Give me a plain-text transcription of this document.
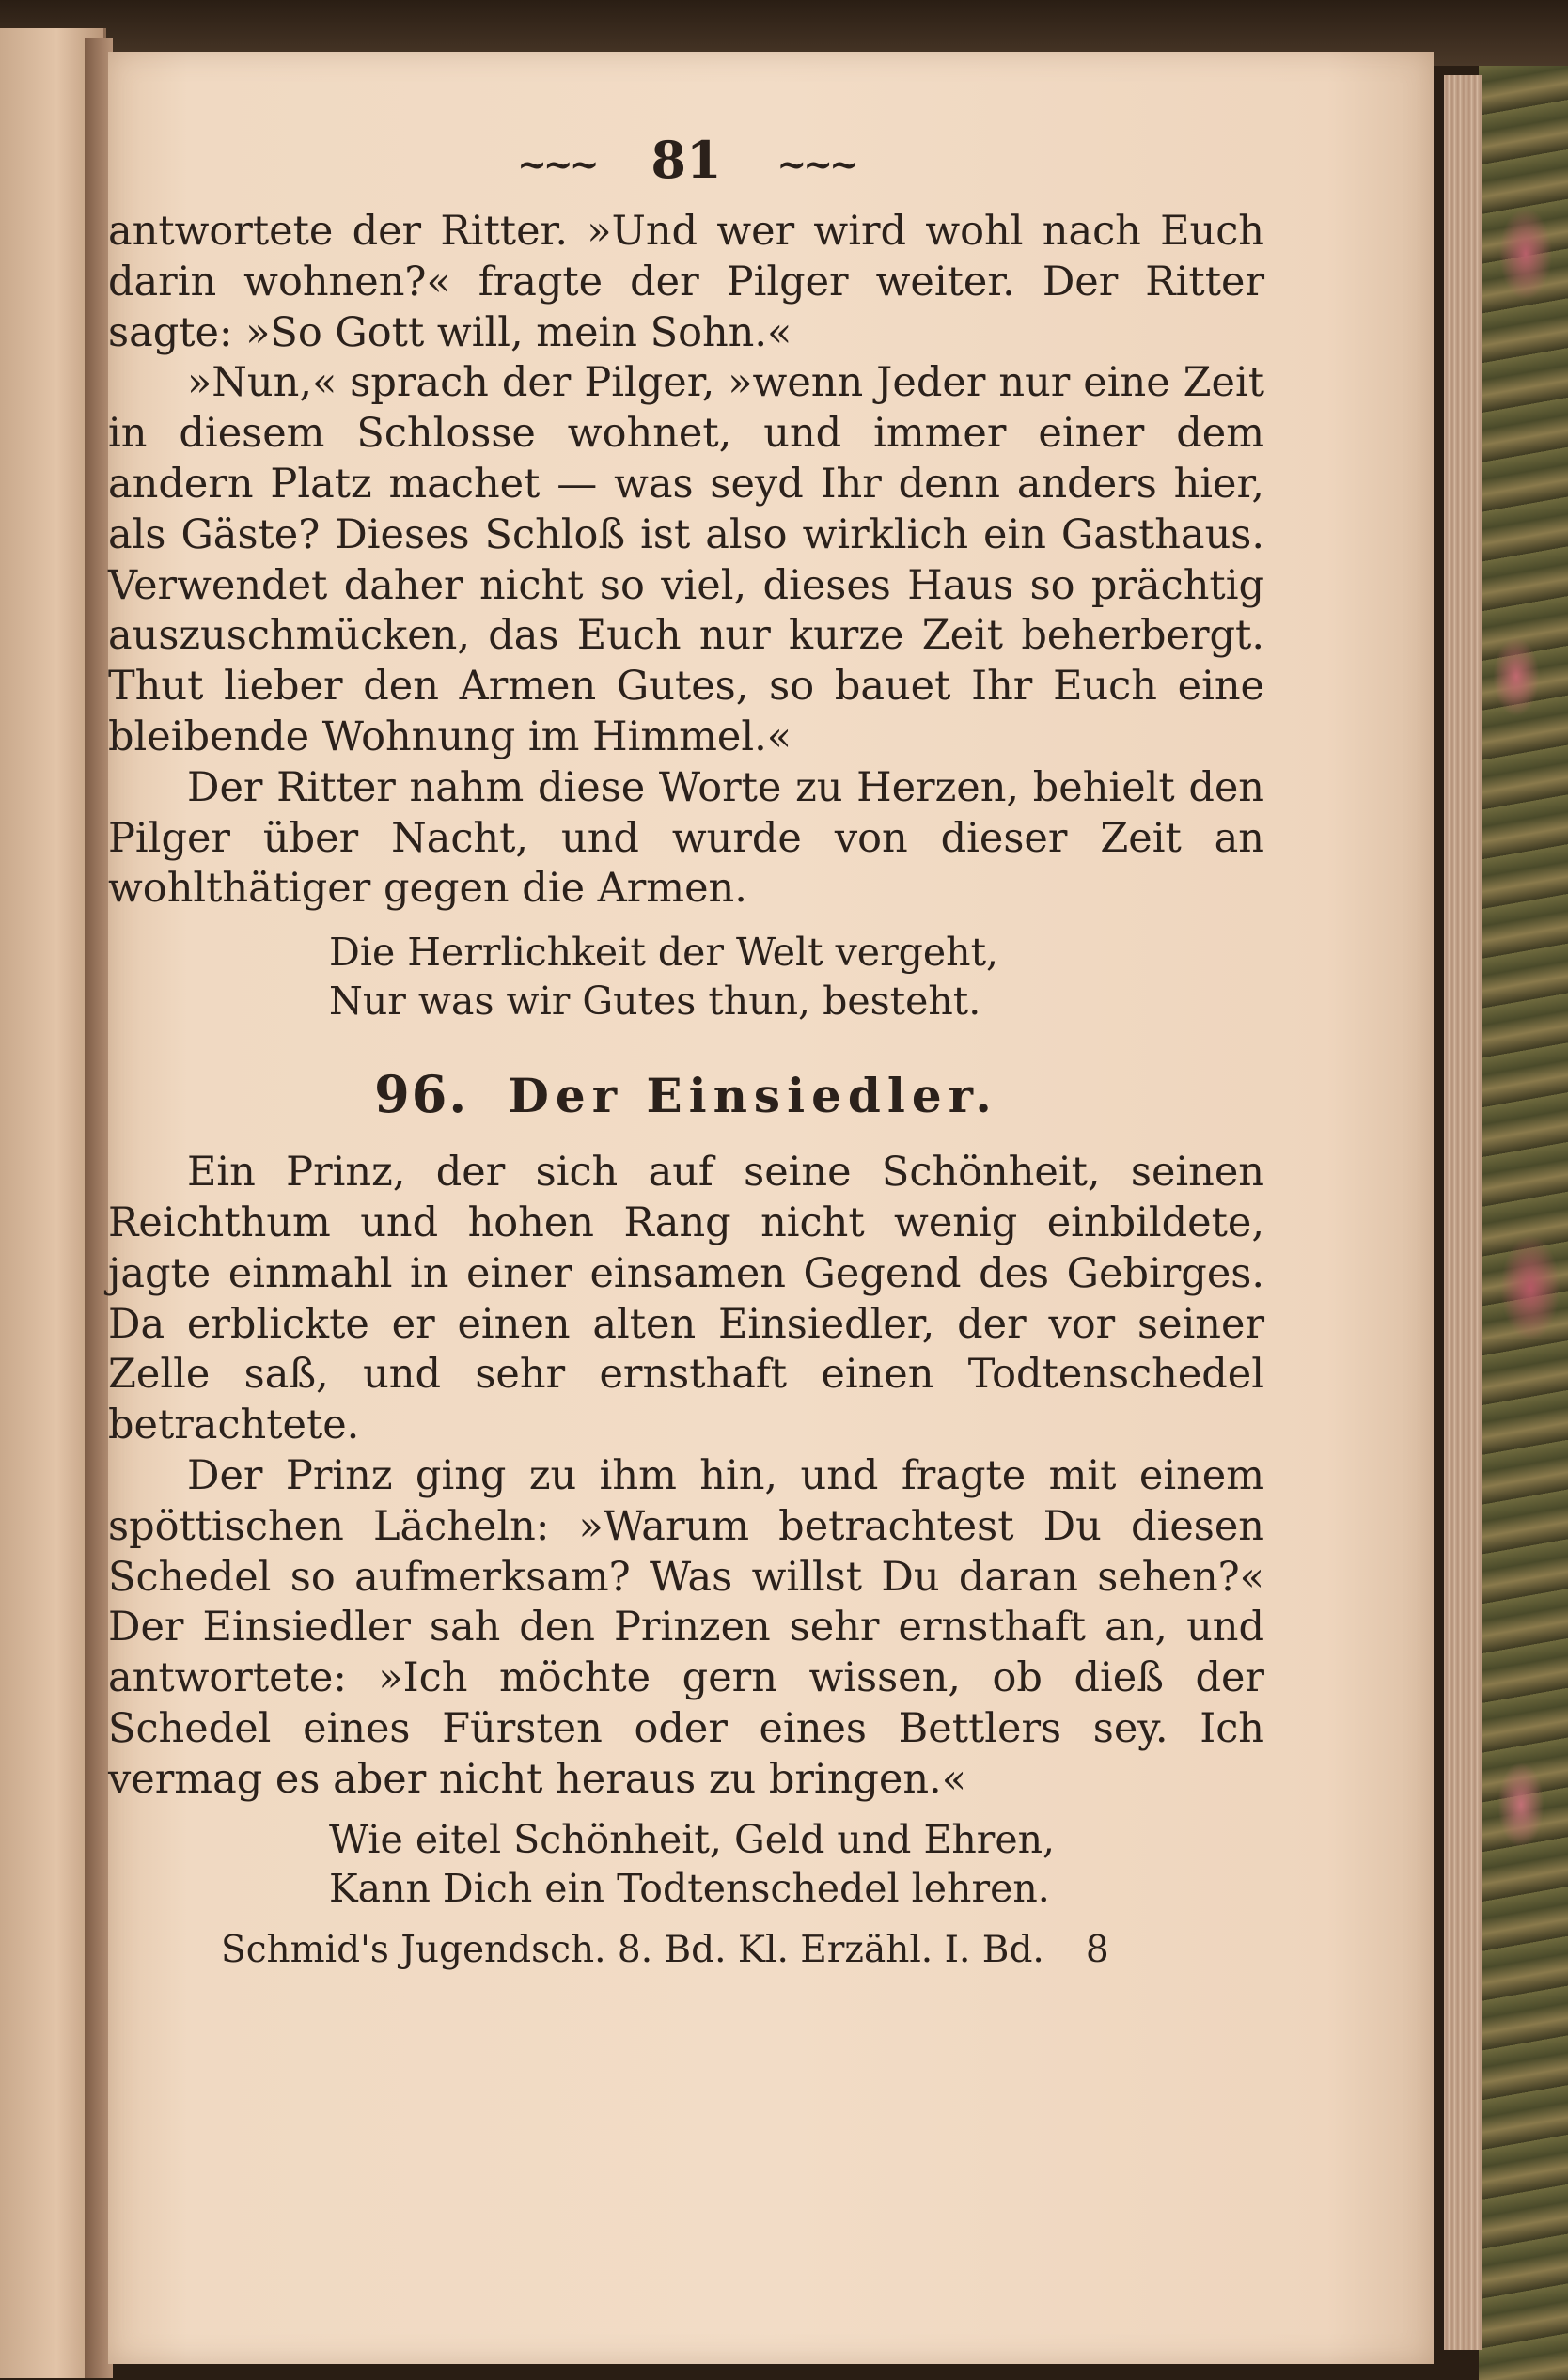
~~~ 81 ~~~

antwortete der Ritter. »Und wer wird wohl nach Euch darin wohnen?« fragte der Pilger weiter. Der Ritter sagte: »So Gott will, mein Sohn.«

»Nun,« sprach der Pilger, »wenn Jeder nur eine Zeit in diesem Schlosse wohnet, und immer einer dem andern Platz machet — was seyd Ihr denn anders hier, als Gäste? Dieses Schloß ist also wirklich ein Gasthaus. Verwendet daher nicht so viel, dieses Haus so prächtig auszuschmücken, das Euch nur kurze Zeit beherbergt. Thut lieber den Armen Gutes, so bauet Ihr Euch eine bleibende Wohnung im Himmel.«

Der Ritter nahm diese Worte zu Herzen, behielt den Pilger über Nacht, und wurde von dieser Zeit an wohlthätiger gegen die Armen.

Die Herrlichkeit der Welt vergeht,
Nur was wir Gutes thun, besteht.
96. Der Einsiedler.

Ein Prinz, der sich auf seine Schönheit, seinen Reichthum und hohen Rang nicht wenig einbildete, jagte einmahl in einer einsamen Gegend des Gebirges. Da erblickte er einen alten Einsiedler, der vor seiner Zelle saß, und sehr ernsthaft einen Todtenschedel betrachtete.

Der Prinz ging zu ihm hin, und fragte mit einem spöttischen Lächeln: »Warum betrachtest Du diesen Schedel so aufmerksam? Was willst Du daran sehen?« Der Einsiedler sah den Prinzen sehr ernsthaft an, und antwortete: »Ich möchte gern wissen, ob dieß der Schedel eines Fürsten oder eines Bettlers sey. Ich vermag es aber nicht heraus zu bringen.«

Wie eitel Schönheit, Geld und Ehren,
Kann Dich ein Todtenschedel lehren.
Schmid's Jugendsch. 8. Bd. Kl. Erzähl. I. Bd. 8
